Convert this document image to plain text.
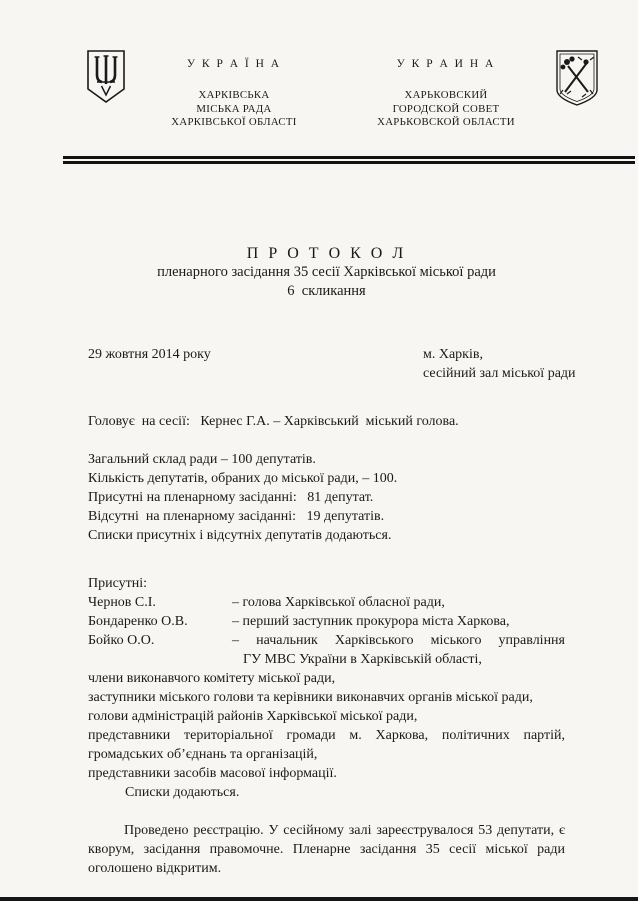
У К Р А Ї Н А
ХАРКІВСЬКА
МІСЬКА РАДА
ХАРКІВСЬКОЇ ОБЛАСТІ
У К Р А И Н А
ХАРЬКОВСКИЙ
ГОРОДСКОЙ СОВЕТ
ХАРЬКОВСКОЙ ОБЛАСТИ
П Р О Т О К О Л
пленарного засідання 35 сесії Харківської міської ради
6  скликання
29 жовтня 2014 року	м. Харків,
сесійний зал міської ради
Головує  на сесії:   Кернес Г.А. – Харківський  міський голова.
Загальний склад ради – 100 депутатів.
Кількість депутатів, обраних до міської ради, – 100.
Присутні на пленарному засіданні:   81 депутат.
Відсутні  на пленарному засіданні:   19 депутатів.
Списки присутніх і відсутніх депутатів додаються.
Присутні:
Чернов С.І.	– голова Харківської обласної ради,
Бондаренко О.В.	– перший заступник прокурора міста Харкова,
Бойко О.О.	– начальник Харківського міського управління
ГУ МВС України в Харківській області,
члени виконавчого комітету міської ради,
заступники міського голови та керівники виконавчих органів міської ради,
голови адміністрацій районів Харківської міської ради,
представники територіальної громади м. Харкова, політичних партій,
громадських об’єднань та організацій,
представники засобів масової інформації.
Списки додаються.
Проведено реєстрацію. У сесійному залі зареєструвалося 53 депутати, є кворум, засідання правомочне. Пленарне засідання 35 сесії міської ради оголошено відкритим.
